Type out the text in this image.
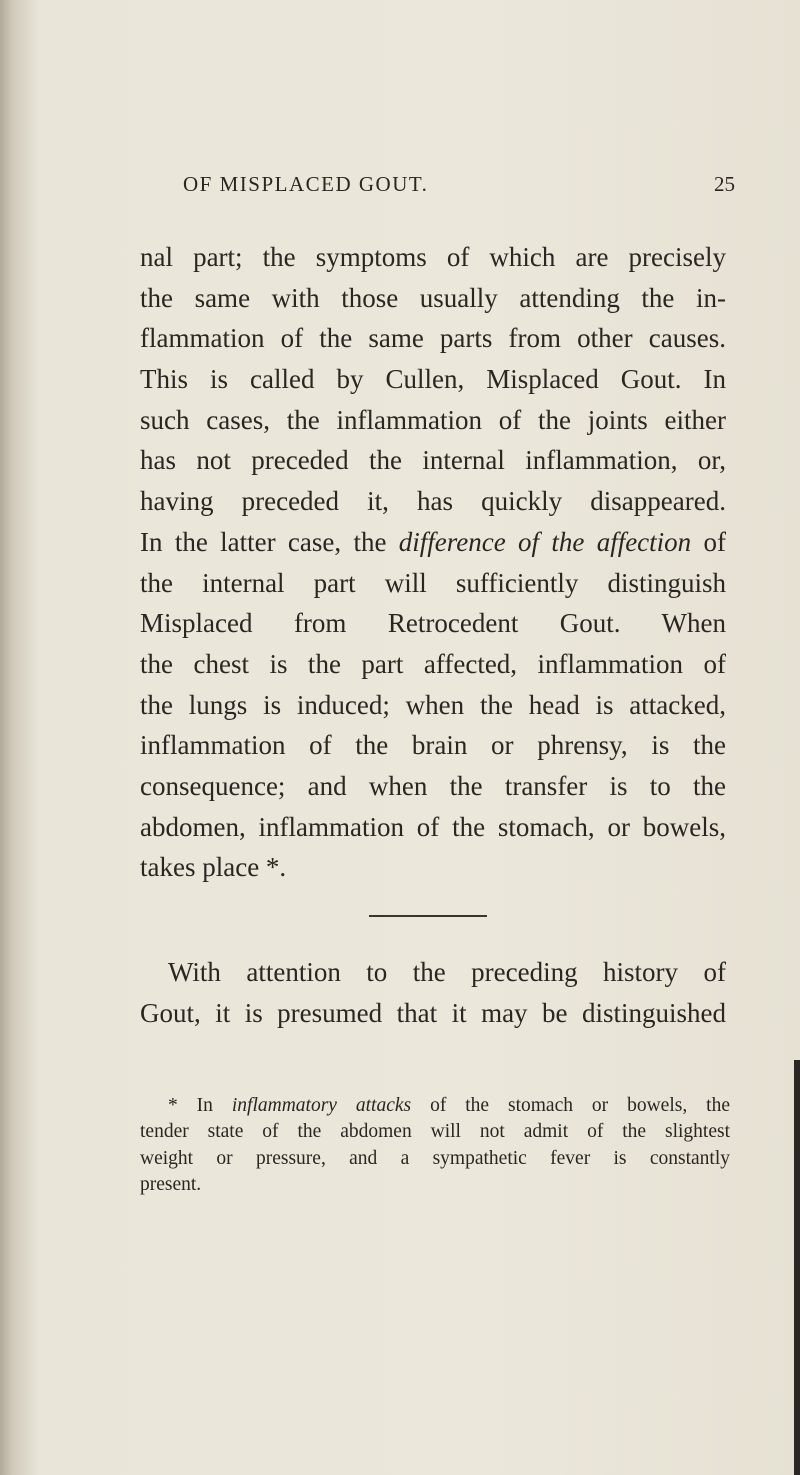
OF MISPLACED GOUT.	25
nal part; the symptoms of which are precisely
the same with those usually attending the in-
flammation of the same parts from other causes.
This is called by Cullen, Misplaced Gout. In
such cases, the inflammation of the joints either
has not preceded the internal inflammation, or,
having preceded it, has quickly disappeared.
In the latter case, the difference of the affection of
the internal part will sufficiently distinguish
Misplaced from Retrocedent Gout. When
the chest is the part affected, inflammation of
the lungs is induced; when the head is attacked,
inflammation of the brain or phrensy, is the
consequence; and when the transfer is to the
abdomen, inflammation of the stomach, or bowels,
takes place *.
With attention to the preceding history of
Gout, it is presumed that it may be distinguished
* In inflammatory attacks of the stomach or bowels, the
tender state of the abdomen will not admit of the slightest
weight or pressure, and a sympathetic fever is constantly
present.
